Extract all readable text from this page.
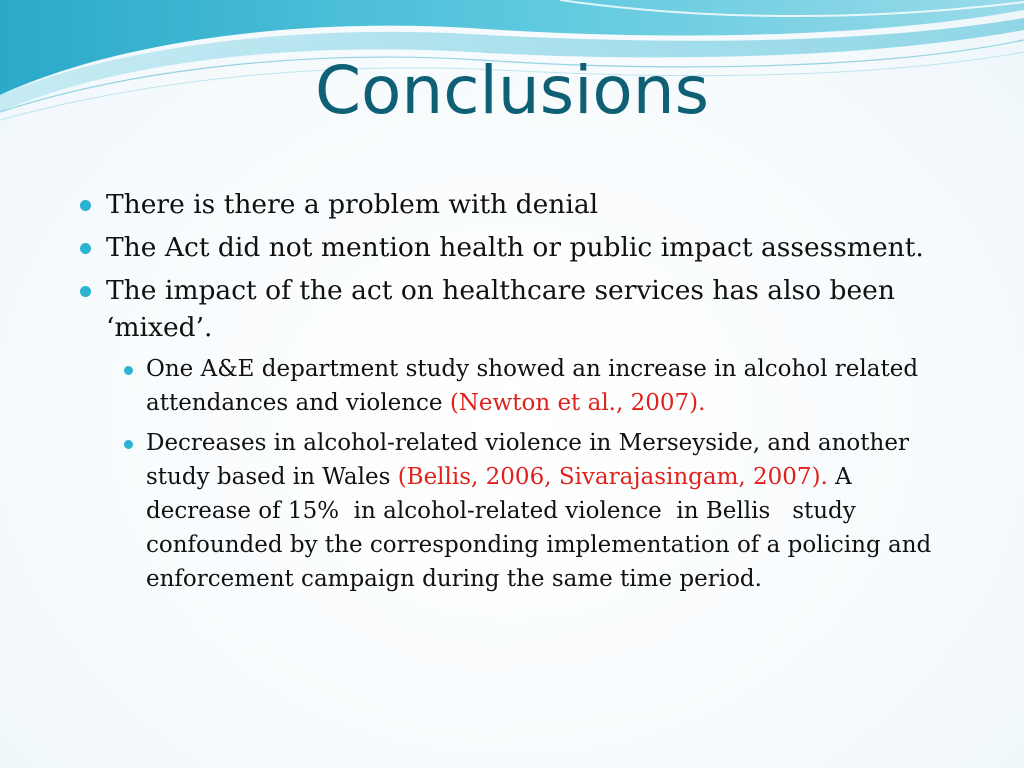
Conclusions
There is there a problem with denial
The Act did not mention health or public impact assessment.
The impact of the act on healthcare services has also been ‘mixed’.
One A&E department study showed an increase in alcohol related attendances and violence (Newton et al., 2007).
Decreases in alcohol-related violence in Merseyside, and another study based in Wales (Bellis, 2006, Sivarajasingam, 2007). A decrease of 15%  in alcohol-related violence  in Bellis   study confounded by the corresponding implementation of a policing and enforcement campaign during the same time period.
